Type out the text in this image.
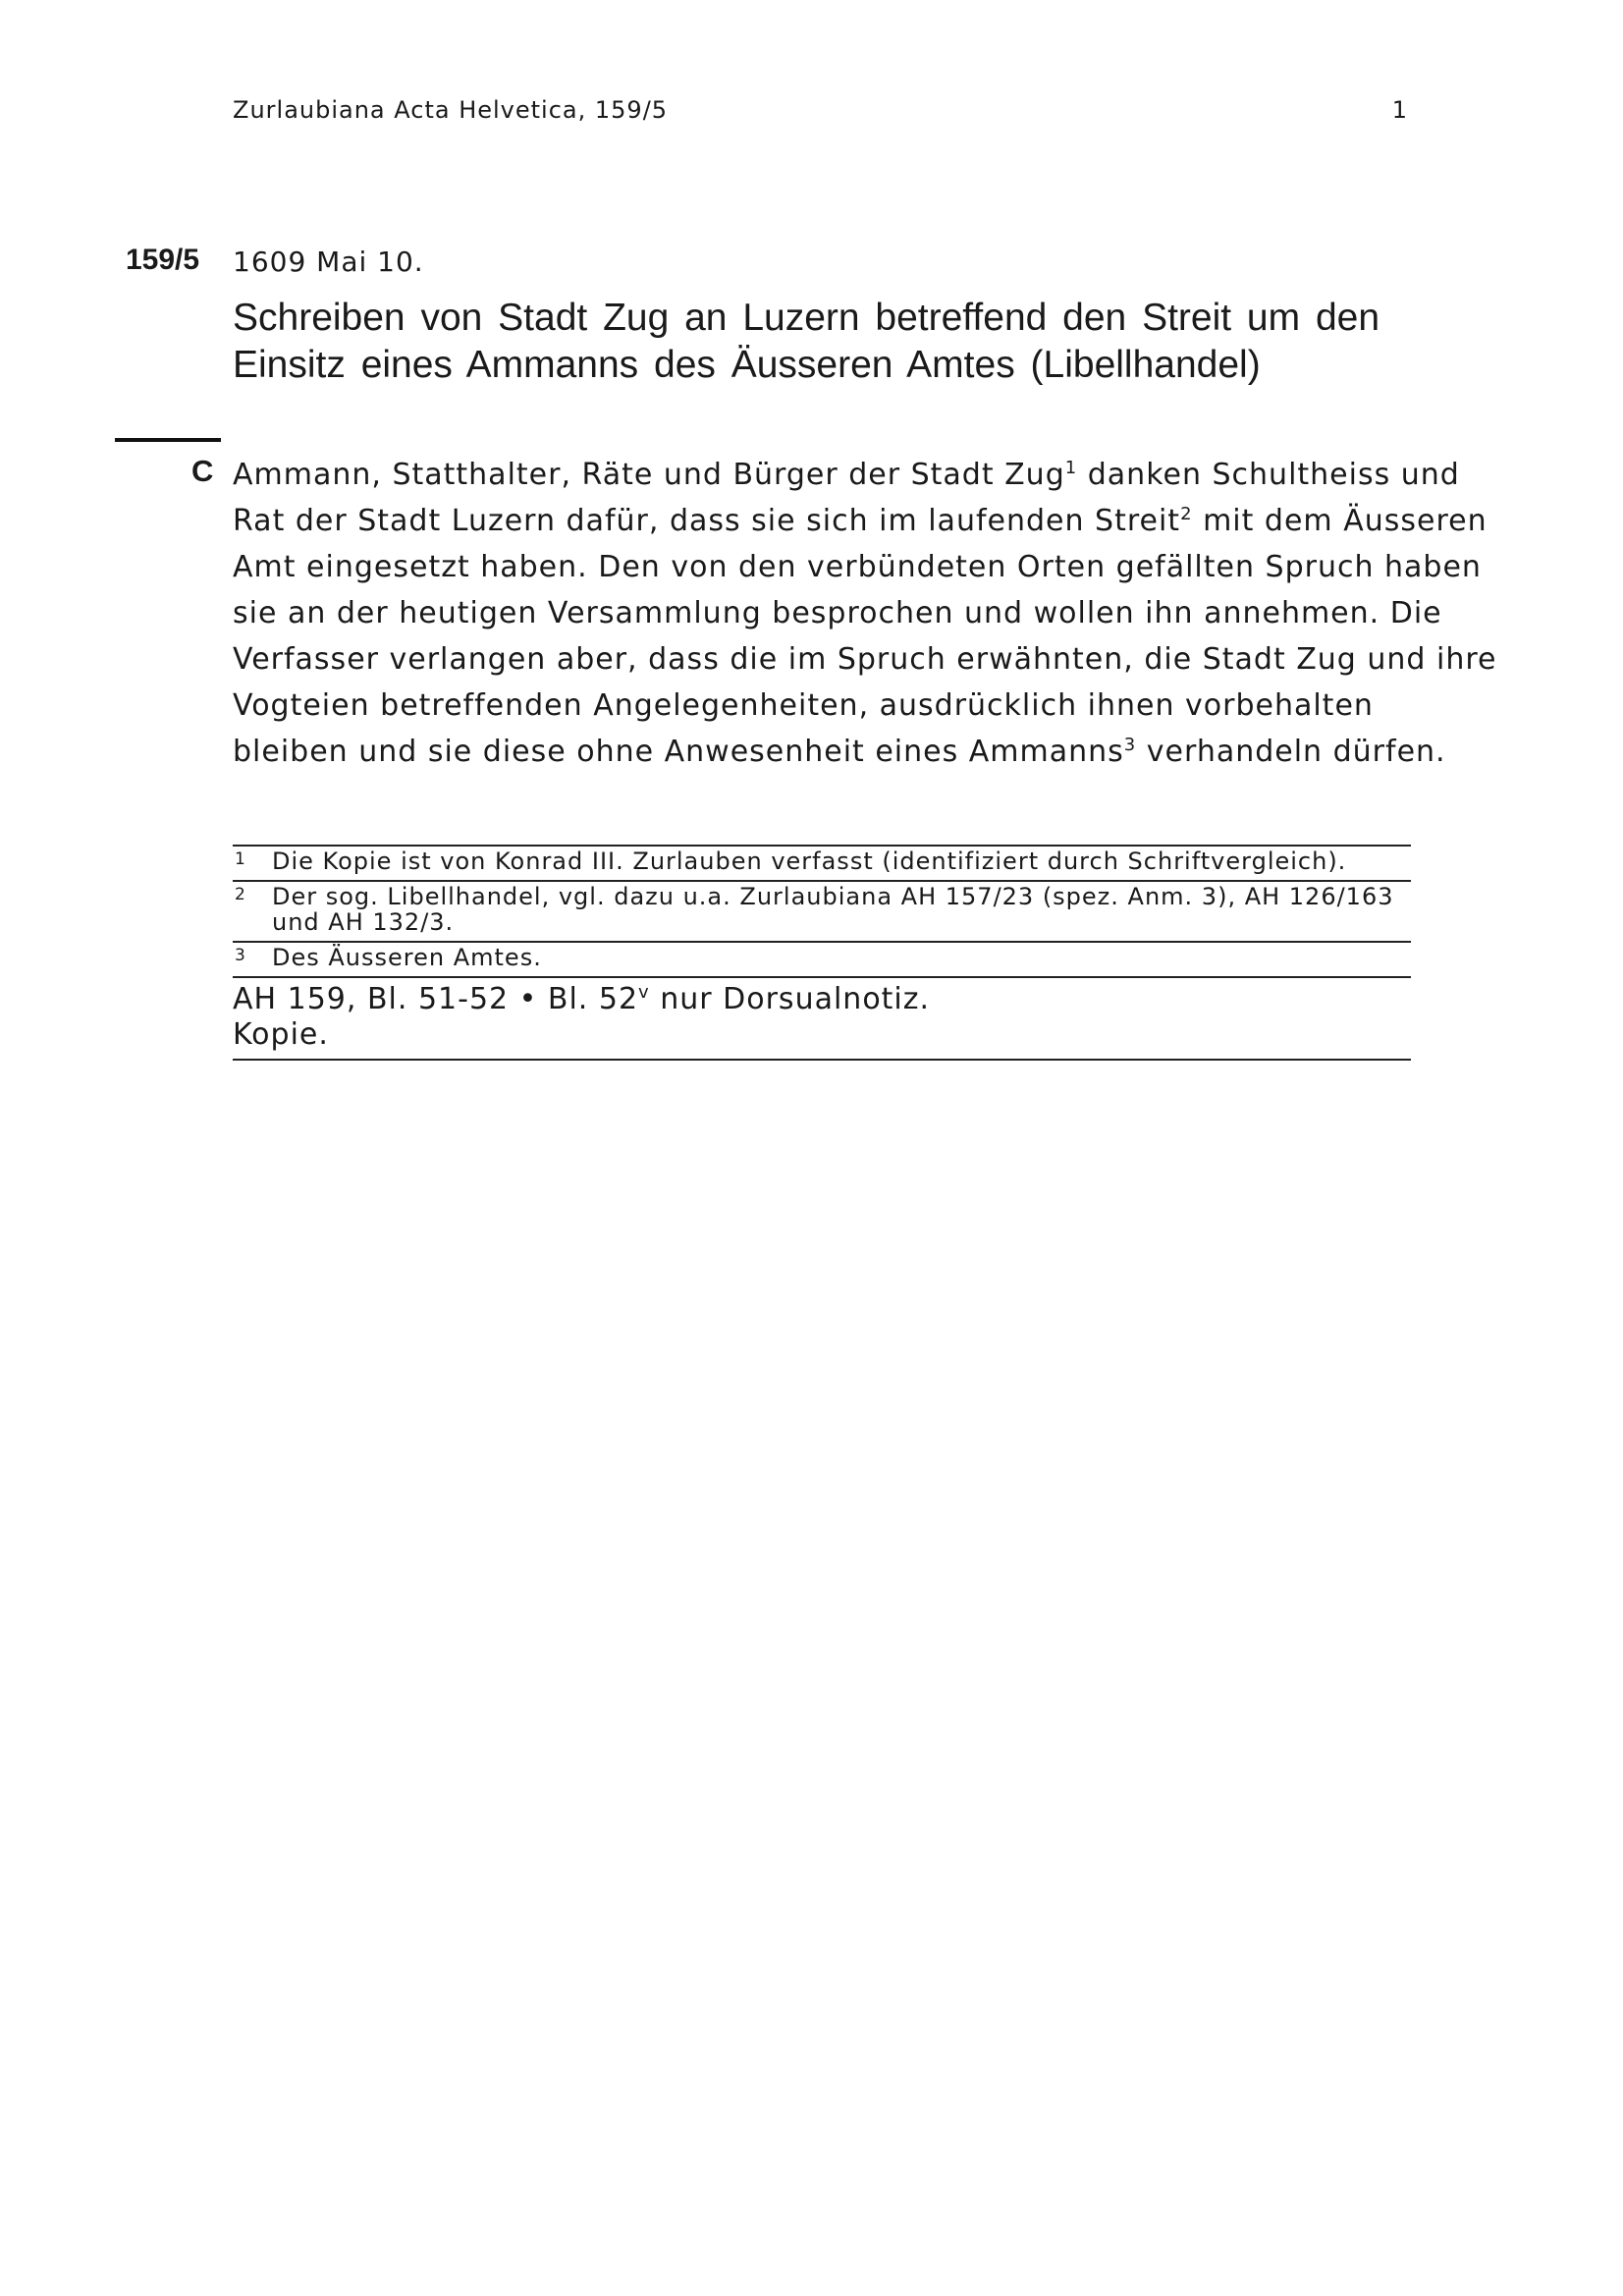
Zurlaubiana Acta Helvetica, 159/5	1
159/5 1609 Mai 10.
Schreiben von Stadt Zug an Luzern betreffend den Streit um den Einsitz eines Ammanns des Äusseren Amtes (Libellhandel)
C Ammann, Statthalter, Räte und Bürger der Stadt Zug$^1$ danken Schultheiss und

Rat der Stadt Luzern dafür, dass sie sich im laufenden Streit$^2$ mit dem Äusseren

Amt eingesetzt haben. Den von den verbündeten Orten gefällten Spruch haben

sie an der heutigen Versammlung besprochen und wollen ihn annehmen. Die

Verfasser verlangen aber, dass die im Spruch erwähnten, die Stadt Zug und ihre

Vogteien betreffenden Angelegenheiten, ausdrücklich ihnen vorbehalten

bleiben und sie diese ohne Anwesenheit eines Ammanns$^3$ verhandeln dürfen.

1 Die Kopie ist von Konrad III. Zurlauben verfasst (identifiziert durch Schriftvergleich).
2 Der sog. Libellhandel, vgl. dazu u.a. Zurlaubiana AH 157/23 (spez. Anm. 3), AH 126/163 und AH 132/3.
3 Des Äusseren Amtes.
AH 159, Bl. 51-52 • Bl. 52$^v$ nur Dorsualnotiz.
Kopie.
